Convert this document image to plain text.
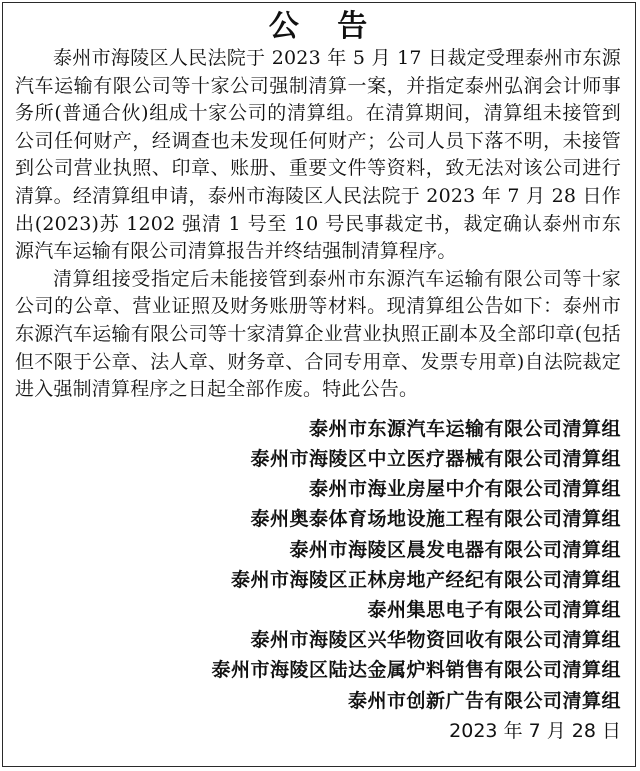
公 告

泰州市海陵区人民法院于 2023 年 5 月 17 日裁定受理泰州市东源汽车运输有限公司等十家公司强制清算一案，并指定泰州弘润会计师事务所(普通合伙)组成十家公司的清算组。在清算期间，清算组未接管到公司任何财产，经调查也未发现任何财产；公司人员下落不明，未接管到公司营业执照、印章、账册、重要文件等资料，致无法对该公司进行清算。经清算组申请，泰州市海陵区人民法院于 2023 年 7 月 28 日作出(2023)苏 1202 强清 1 号至 10 号民事裁定书，裁定确认泰州市东源汽车运输有限公司清算报告并终结强制清算程序。

清算组接受指定后未能接管到泰州市东源汽车运输有限公司等十家公司的公章、营业证照及财务账册等材料。现清算组公告如下：泰州市东源汽车运输有限公司等十家清算企业营业执照正副本及全部印章(包括但不限于公章、法人章、财务章、合同专用章、发票专用章)自法院裁定进入强制清算程序之日起全部作废。特此公告。

泰州市东源汽车运输有限公司清算组
泰州市海陵区中立医疗器械有限公司清算组
泰州市海业房屋中介有限公司清算组
泰州奥泰体育场地设施工程有限公司清算组
泰州市海陵区晨发电器有限公司清算组
泰州市海陵区正林房地产经纪有限公司清算组
泰州集思电子有限公司清算组
泰州市海陵区兴华物资回收有限公司清算组
泰州市海陵区陆达金属炉料销售有限公司清算组
泰州市创新广告有限公司清算组
2023 年 7 月 28 日
